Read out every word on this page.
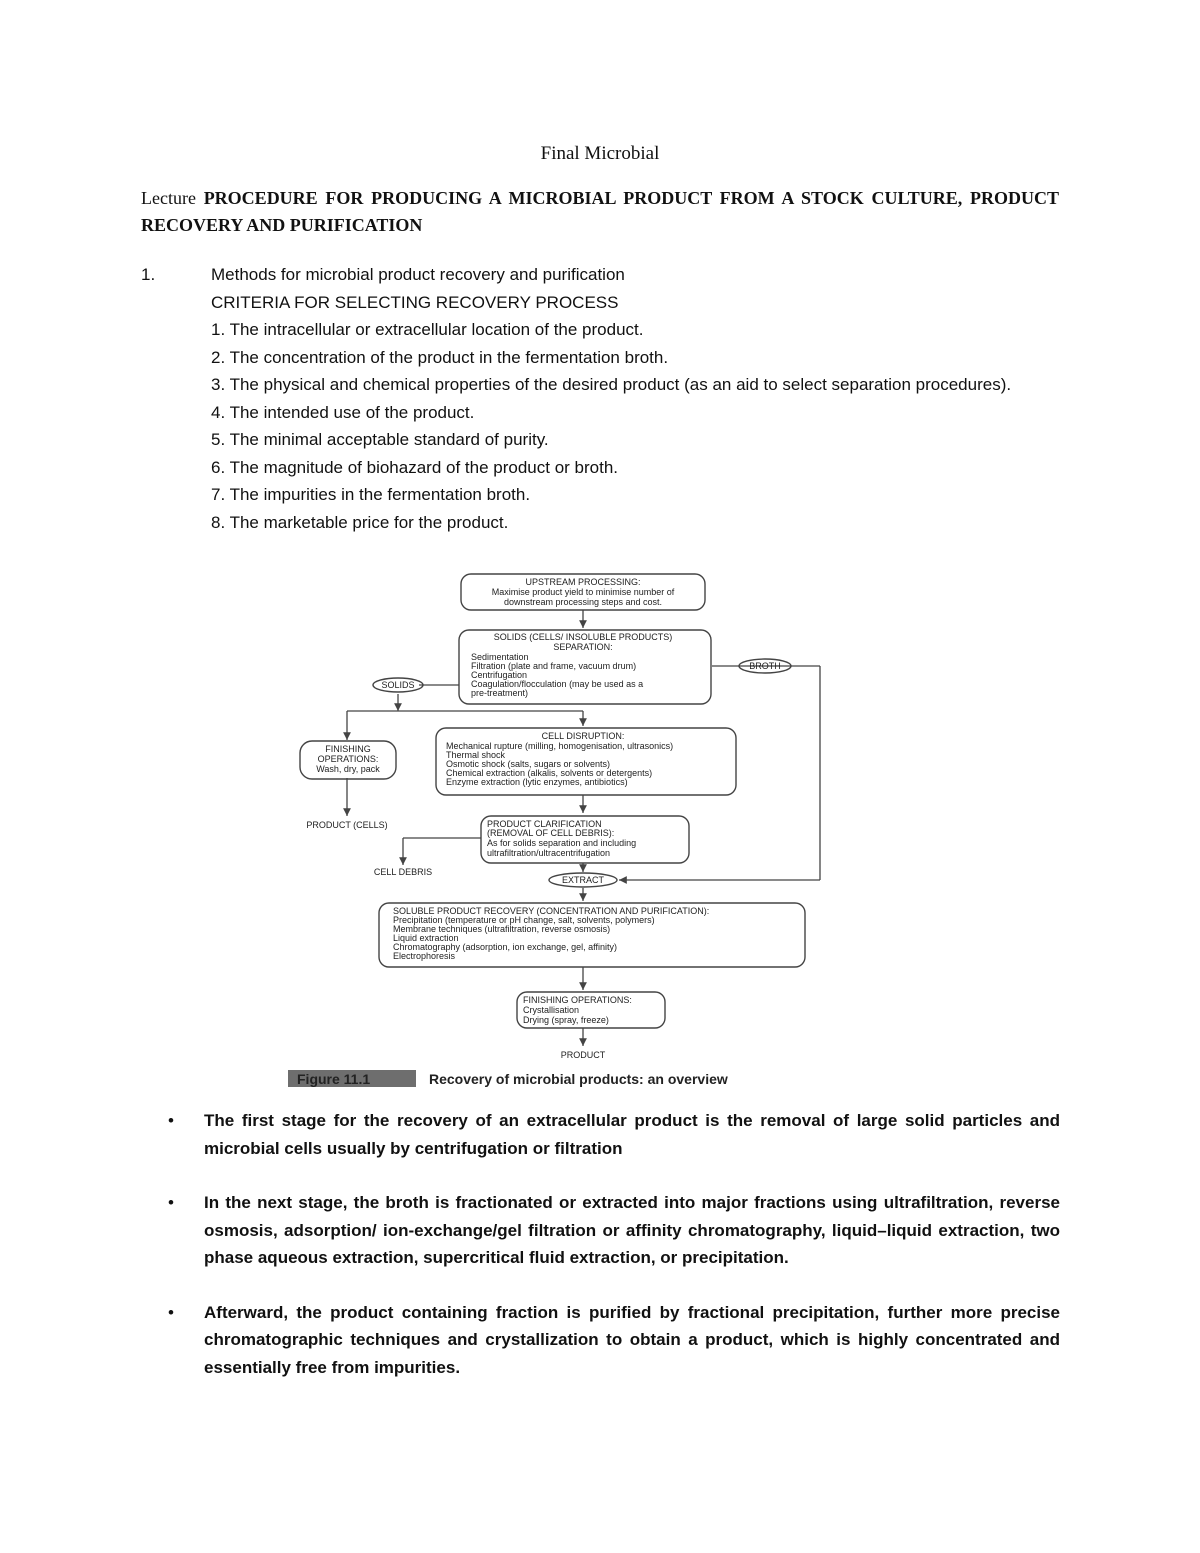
Final Microbial
Lecture PROCEDURE FOR PRODUCING A MICROBIAL PRODUCT FROM A STOCK CULTURE, PRODUCT RECOVERY AND PURIFICATION
1.	Methods for microbial product recovery and purification
CRITERIA FOR SELECTING RECOVERY PROCESS
1. The intracellular or extracellular location of the product.
2. The concentration of the product in the fermentation broth.
3. The physical and chemical properties of the desired product (as an aid to select separation procedures).
4. The intended use of the product.
5. The minimal acceptable standard of purity.
6. The magnitude of biohazard of the product or broth.
7. The impurities in the fermentation broth.
8. The marketable price for the product.
UPSTREAM PROCESSING:
Maximise product yield to minimise number of
downstream processing steps and cost.
SOLIDS (CELLS/ INSOLUBLE PRODUCTS)
SEPARATION:
Sedimentation
Filtration (plate and frame, vacuum drum)
Centrifugation
Coagulation/flocculation (may be used as a
pre-treatment)
BROTH
SOLIDS
FINISHING
OPERATIONS:
Wash, dry, pack
CELL DISRUPTION:
Mechanical rupture (milling, homogenisation, ultrasonics)
Thermal shock
Osmotic shock (salts, sugars or solvents)
Chemical extraction (alkalis, solvents or detergents)
Enzyme extraction (lytic enzymes, antibiotics)
PRODUCT (CELLS)	PRODUCT CLARIFICATION
(REMOVAL OF CELL DEBRIS):
As for solids separation and including
ultrafiltration/ultracentrifugation
CELL DEBRIS
EXTRACT
SOLUBLE PRODUCT RECOVERY (CONCENTRATION AND PURIFICATION):
Precipitation (temperature or pH change, salt, solvents, polymers)
Membrane techniques (ultrafiltration, reverse osmosis)
Liquid extraction
Chromatography (adsorption, ion exchange, gel, affinity)
Electrophoresis
FINISHING OPERATIONS:
Crystallisation
Drying (spray, freeze)
PRODUCT
Figure 11.1	Recovery of microbial products: an overview
• The first stage for the recovery of an extracellular product is the removal of large solid particles and microbial cells usually by centrifugation or filtration
• In the next stage, the broth is fractionated or extracted into major fractions using ultrafiltration, reverse osmosis, adsorption/ ion-exchange/gel filtration or affinity chromatography, liquid–liquid extraction, two phase aqueous extraction, supercritical fluid extraction, or precipitation.
• Afterward, the product containing fraction is purified by fractional precipitation, further more precise chromatographic techniques and crystallization to obtain a product, which is highly concentrated and essentially free from impurities.
